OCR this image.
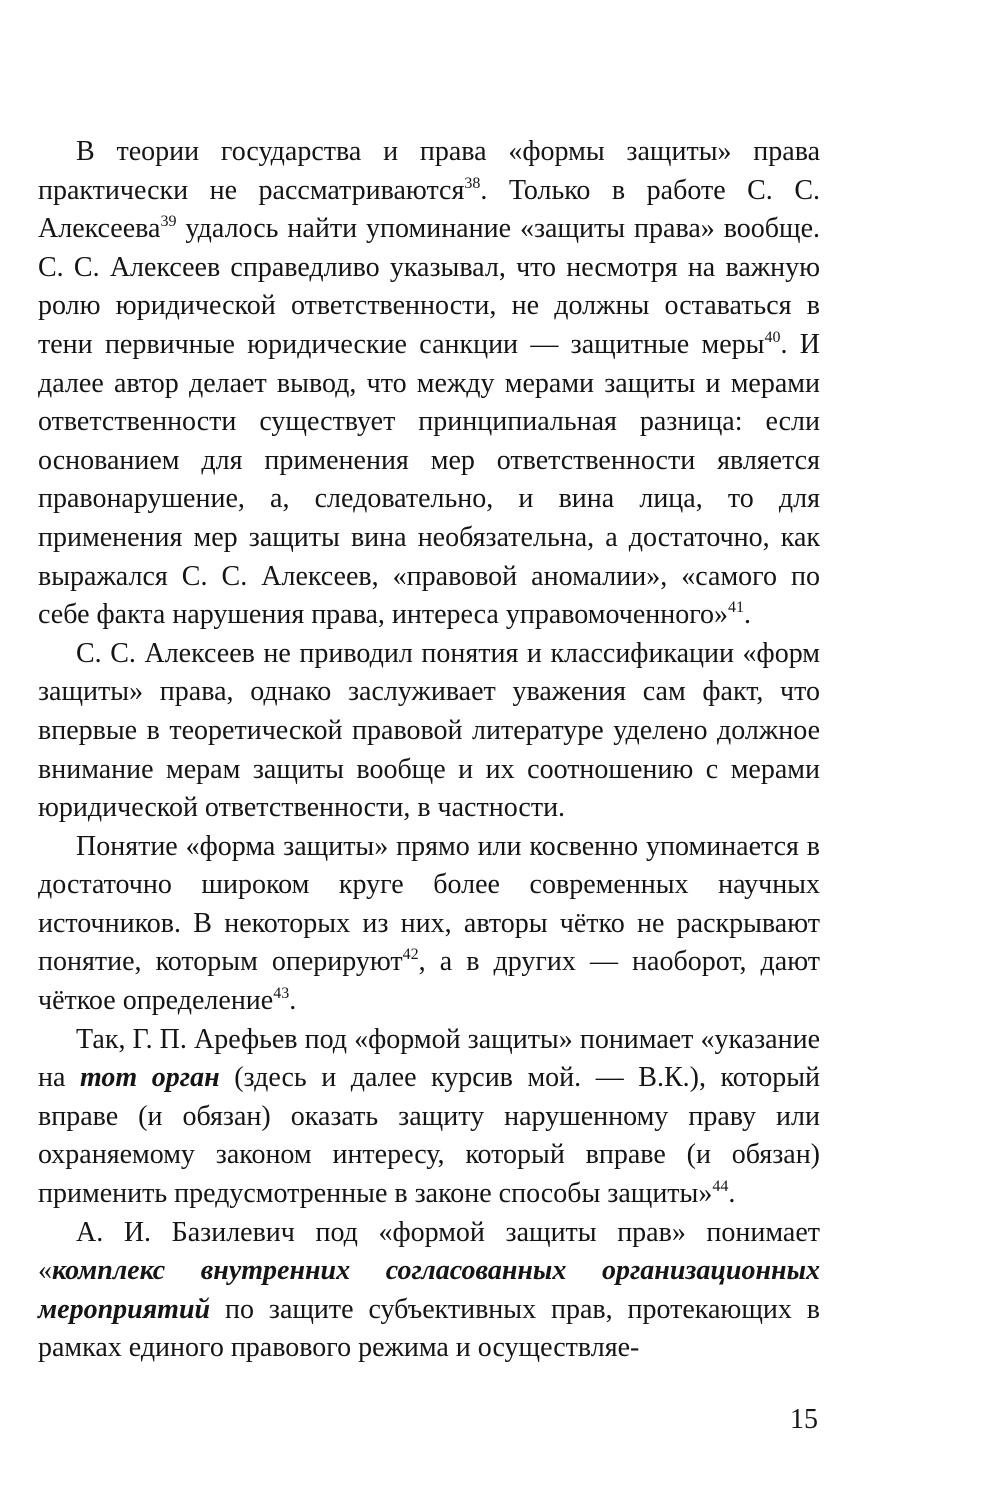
В теории государства и права «формы защиты» права практически не рассматриваются$^{38}$. Только в работе С. С. Алексеева$^{39}$ удалось найти упоминание «защиты права» вообще. С. С. Алексеев справедливо указывал, что несмотря на важную ролю юридической ответственности, не должны оставаться в тени первичные юридические санкции — защитные меры$^{40}$. И далее автор делает вывод, что между мерами защиты и мерами ответственности существует принципиальная разница: если основанием для применения мер ответственности является правонарушение, а, следовательно, и вина лица, то для применения мер защиты вина необязательна, а достаточно, как выражался С. С. Алексеев, «правовой аномалии», «самого по себе факта нарушения права, интереса управомоченного»$^{41}$.

С. С. Алексеев не приводил понятия и классификации «форм защиты» права, однако заслуживает уважения сам факт, что впервые в теоретической правовой литературе уделено должное внимание мерам защиты вообще и их соотношению с мерами юридической ответственности, в частности.

Понятие «форма защиты» прямо или косвенно упоминается в достаточно широком круге более современных научных источников. В некоторых из них, авторы чётко не раскрывают понятие, которым оперируют$^{42}$, а в других — наоборот, дают чёткое определение$^{43}$.

Так, Г. П. Арефьев под «формой защиты» понимает «указание на тот орган (здесь и далее курсив мой. — В.К.), который вправе (и обязан) оказать защиту нарушенному праву или охраняемому законом интересу, который вправе (и обязан) применить предусмотренные в законе способы защиты»$^{44}$.

А. И. Базилевич под «формой защиты прав» понимает «комплекс внутренних согласованных организационных мероприятий по защите субъективных прав, протекающих в рамках единого правового режима и осуществляе-

15
